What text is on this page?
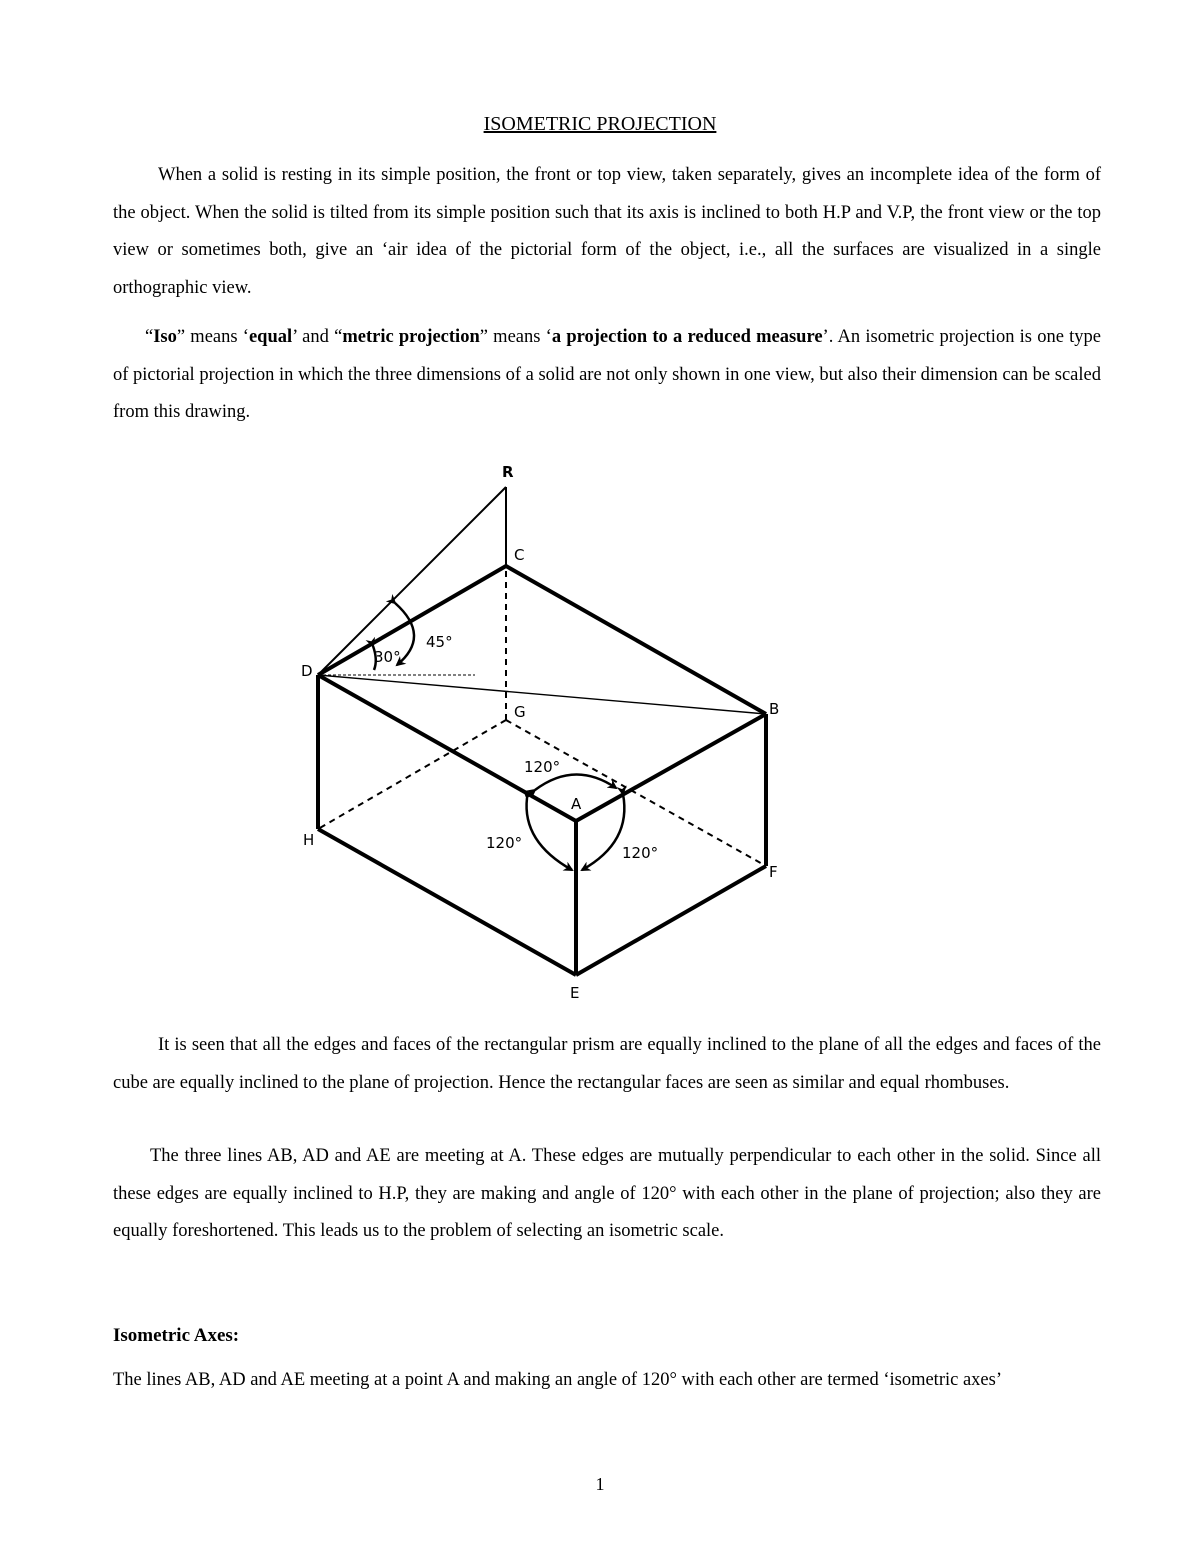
ISOMETRIC PROJECTION

When a solid is resting in its simple position, the front or top view, taken separately, gives an incomplete idea of the form of the object. When the solid is tilted from its simple position such that its axis is inclined to both H.P and V.P, the front view or the top view or sometimes both, give an ‘air idea of the pictorial form of the object, i.e., all the surfaces are visualized in a single orthographic view.

“Iso” means ‘equal’ and “metric projection” means ‘a projection to a reduced measure’. An isometric projection is one type of pictorial projection in which the three dimensions of a solid are not only shown in one view, but also their dimension can be scaled from this drawing.

R
C
D
G	B
A
H
F
E
45°
30°
120°
120°
120°

It is seen that all the edges and faces of the rectangular prism are equally inclined to the plane of all the edges and faces of the cube are equally inclined to the plane of projection. Hence the rectangular faces are seen as similar and equal rhombuses.

The three lines AB, AD and AE are meeting at A. These edges are mutually perpendicular to each other in the solid. Since all these edges are equally inclined to H.P, they are making and angle of 120° with each other in the plane of projection; also they are equally foreshortened. This leads us to the problem of selecting an isometric scale.

Isometric Axes:

The lines AB, AD and AE meeting at a point A and making an angle of 120° with each other are termed ‘isometric axes’

1
